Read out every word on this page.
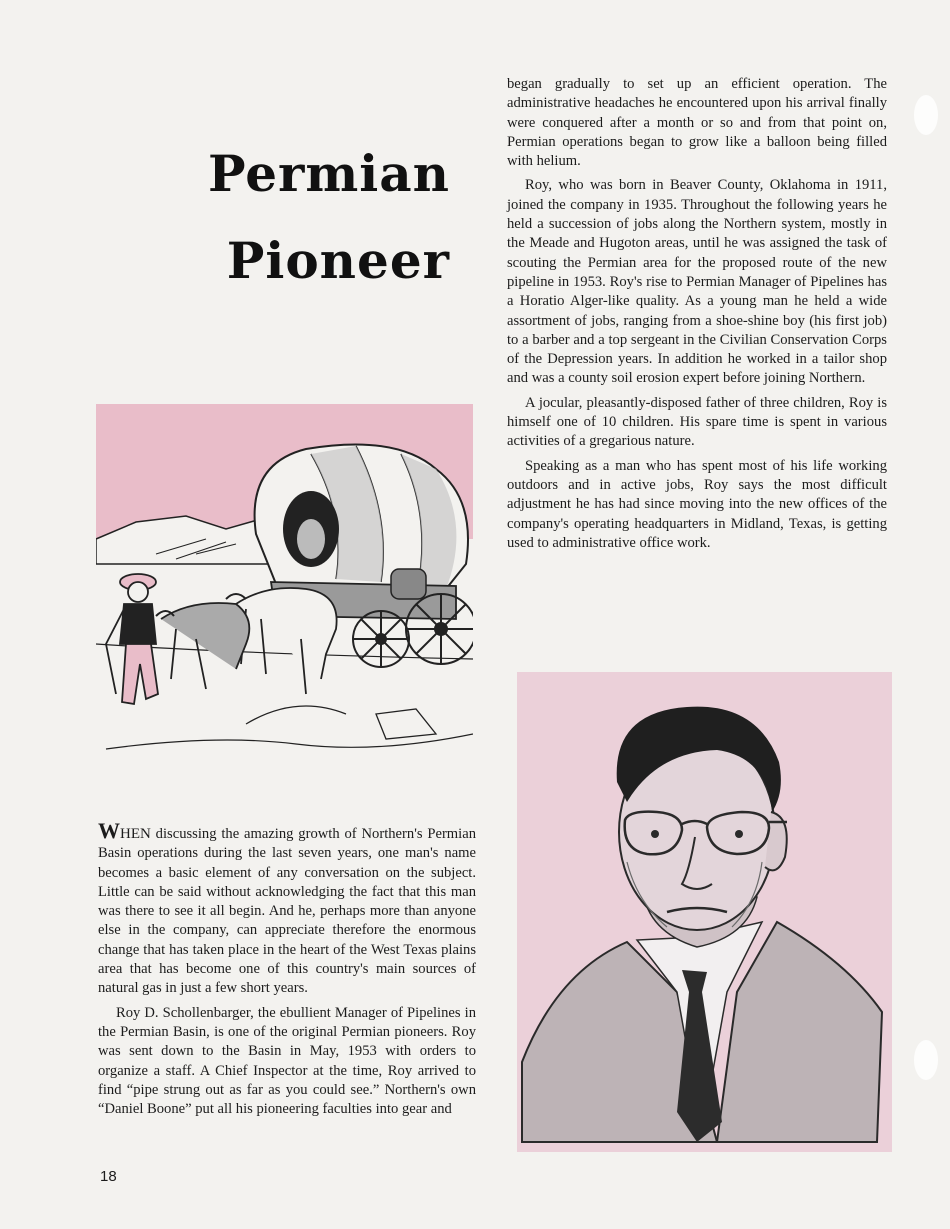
Permian
Pioneer

WHEN discussing the amazing growth of Northern's Permian Basin operations during the last seven years, one man's name becomes a basic element of any conversation on the subject. Little can be said without acknowledging the fact that this man was there to see it all begin. And he, perhaps more than anyone else in the company, can appreciate therefore the enormous change that has taken place in the heart of the West Texas plains area that has become one of this country's main sources of natural gas in just a few short years.

Roy D. Schollenbarger, the ebullient Manager of Pipelines in the Permian Basin, is one of the original Permian pioneers. Roy was sent down to the Basin in May, 1953 with orders to organize a staff. A Chief Inspector at the time, Roy arrived to find “pipe strung out as far as you could see.” Northern's own “Daniel Boone” put all his pioneering faculties into gear and

began gradually to set up an efficient operation. The administrative headaches he encountered upon his arrival finally were conquered after a month or so and from that point on, Permian operations began to grow like a balloon being filled with helium.

Roy, who was born in Beaver County, Oklahoma in 1911, joined the company in 1935. Throughout the following years he held a succession of jobs along the Northern system, mostly in the Meade and Hugoton areas, until he was assigned the task of scouting the Permian area for the proposed route of the new pipeline in 1953. Roy's rise to Permian Manager of Pipelines has a Horatio Alger-like quality. As a young man he held a wide assortment of jobs, ranging from a shoe-shine boy (his first job) to a barber and a top sergeant in the Civilian Conservation Corps of the Depression years. In addition he worked in a tailor shop and was a county soil erosion expert before joining Northern.

A jocular, pleasantly-disposed father of three children, Roy is himself one of 10 children. His spare time is spent in various activities of a gregarious nature.

Speaking as a man who has spent most of his life working outdoors and in active jobs, Roy says the most difficult adjustment he has had since moving into the new offices of the company's operating headquarters in Midland, Texas, is getting used to administrative office work.

18
